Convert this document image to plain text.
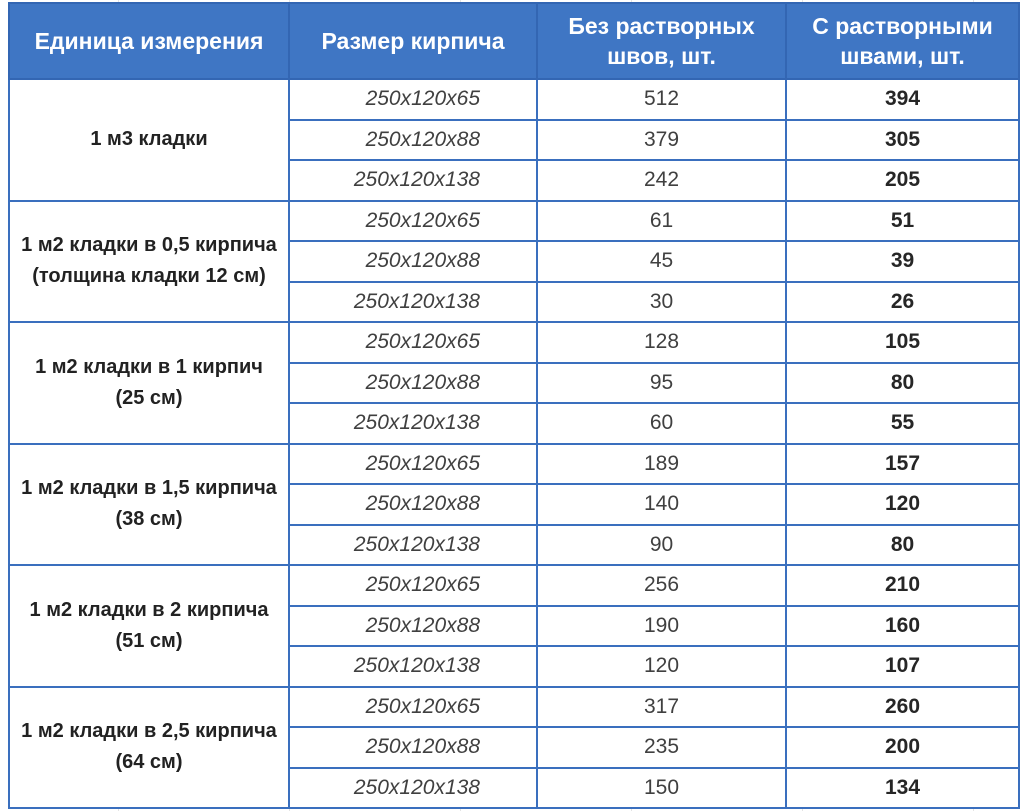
Единица измерения	Размер кирпича	Без растворных швов, шт.	С растворными швами, шт.
1 м3 кладки	250х120х65	512	394
	250х120х88	379	305
	250х120х138	242	205
1 м2 кладки в 0,5 кирпича (толщина кладки 12 см)	250х120х65	61	51
	250х120х88	45	39
	250х120х138	30	26
1 м2 кладки в 1 кирпич (25 см)	250х120х65	128	105
	250х120х88	95	80
	250х120х138	60	55
1 м2 кладки в 1,5 кирпича (38 см)	250х120х65	189	157
	250х120х88	140	120
	250х120х138	90	80
1 м2 кладки в 2 кирпича (51 см)	250х120х65	256	210
	250х120х88	190	160
	250х120х138	120	107
1 м2 кладки в 2,5 кирпича (64 см)	250х120х65	317	260
	250х120х88	235	200
	250х120х138	150	134
